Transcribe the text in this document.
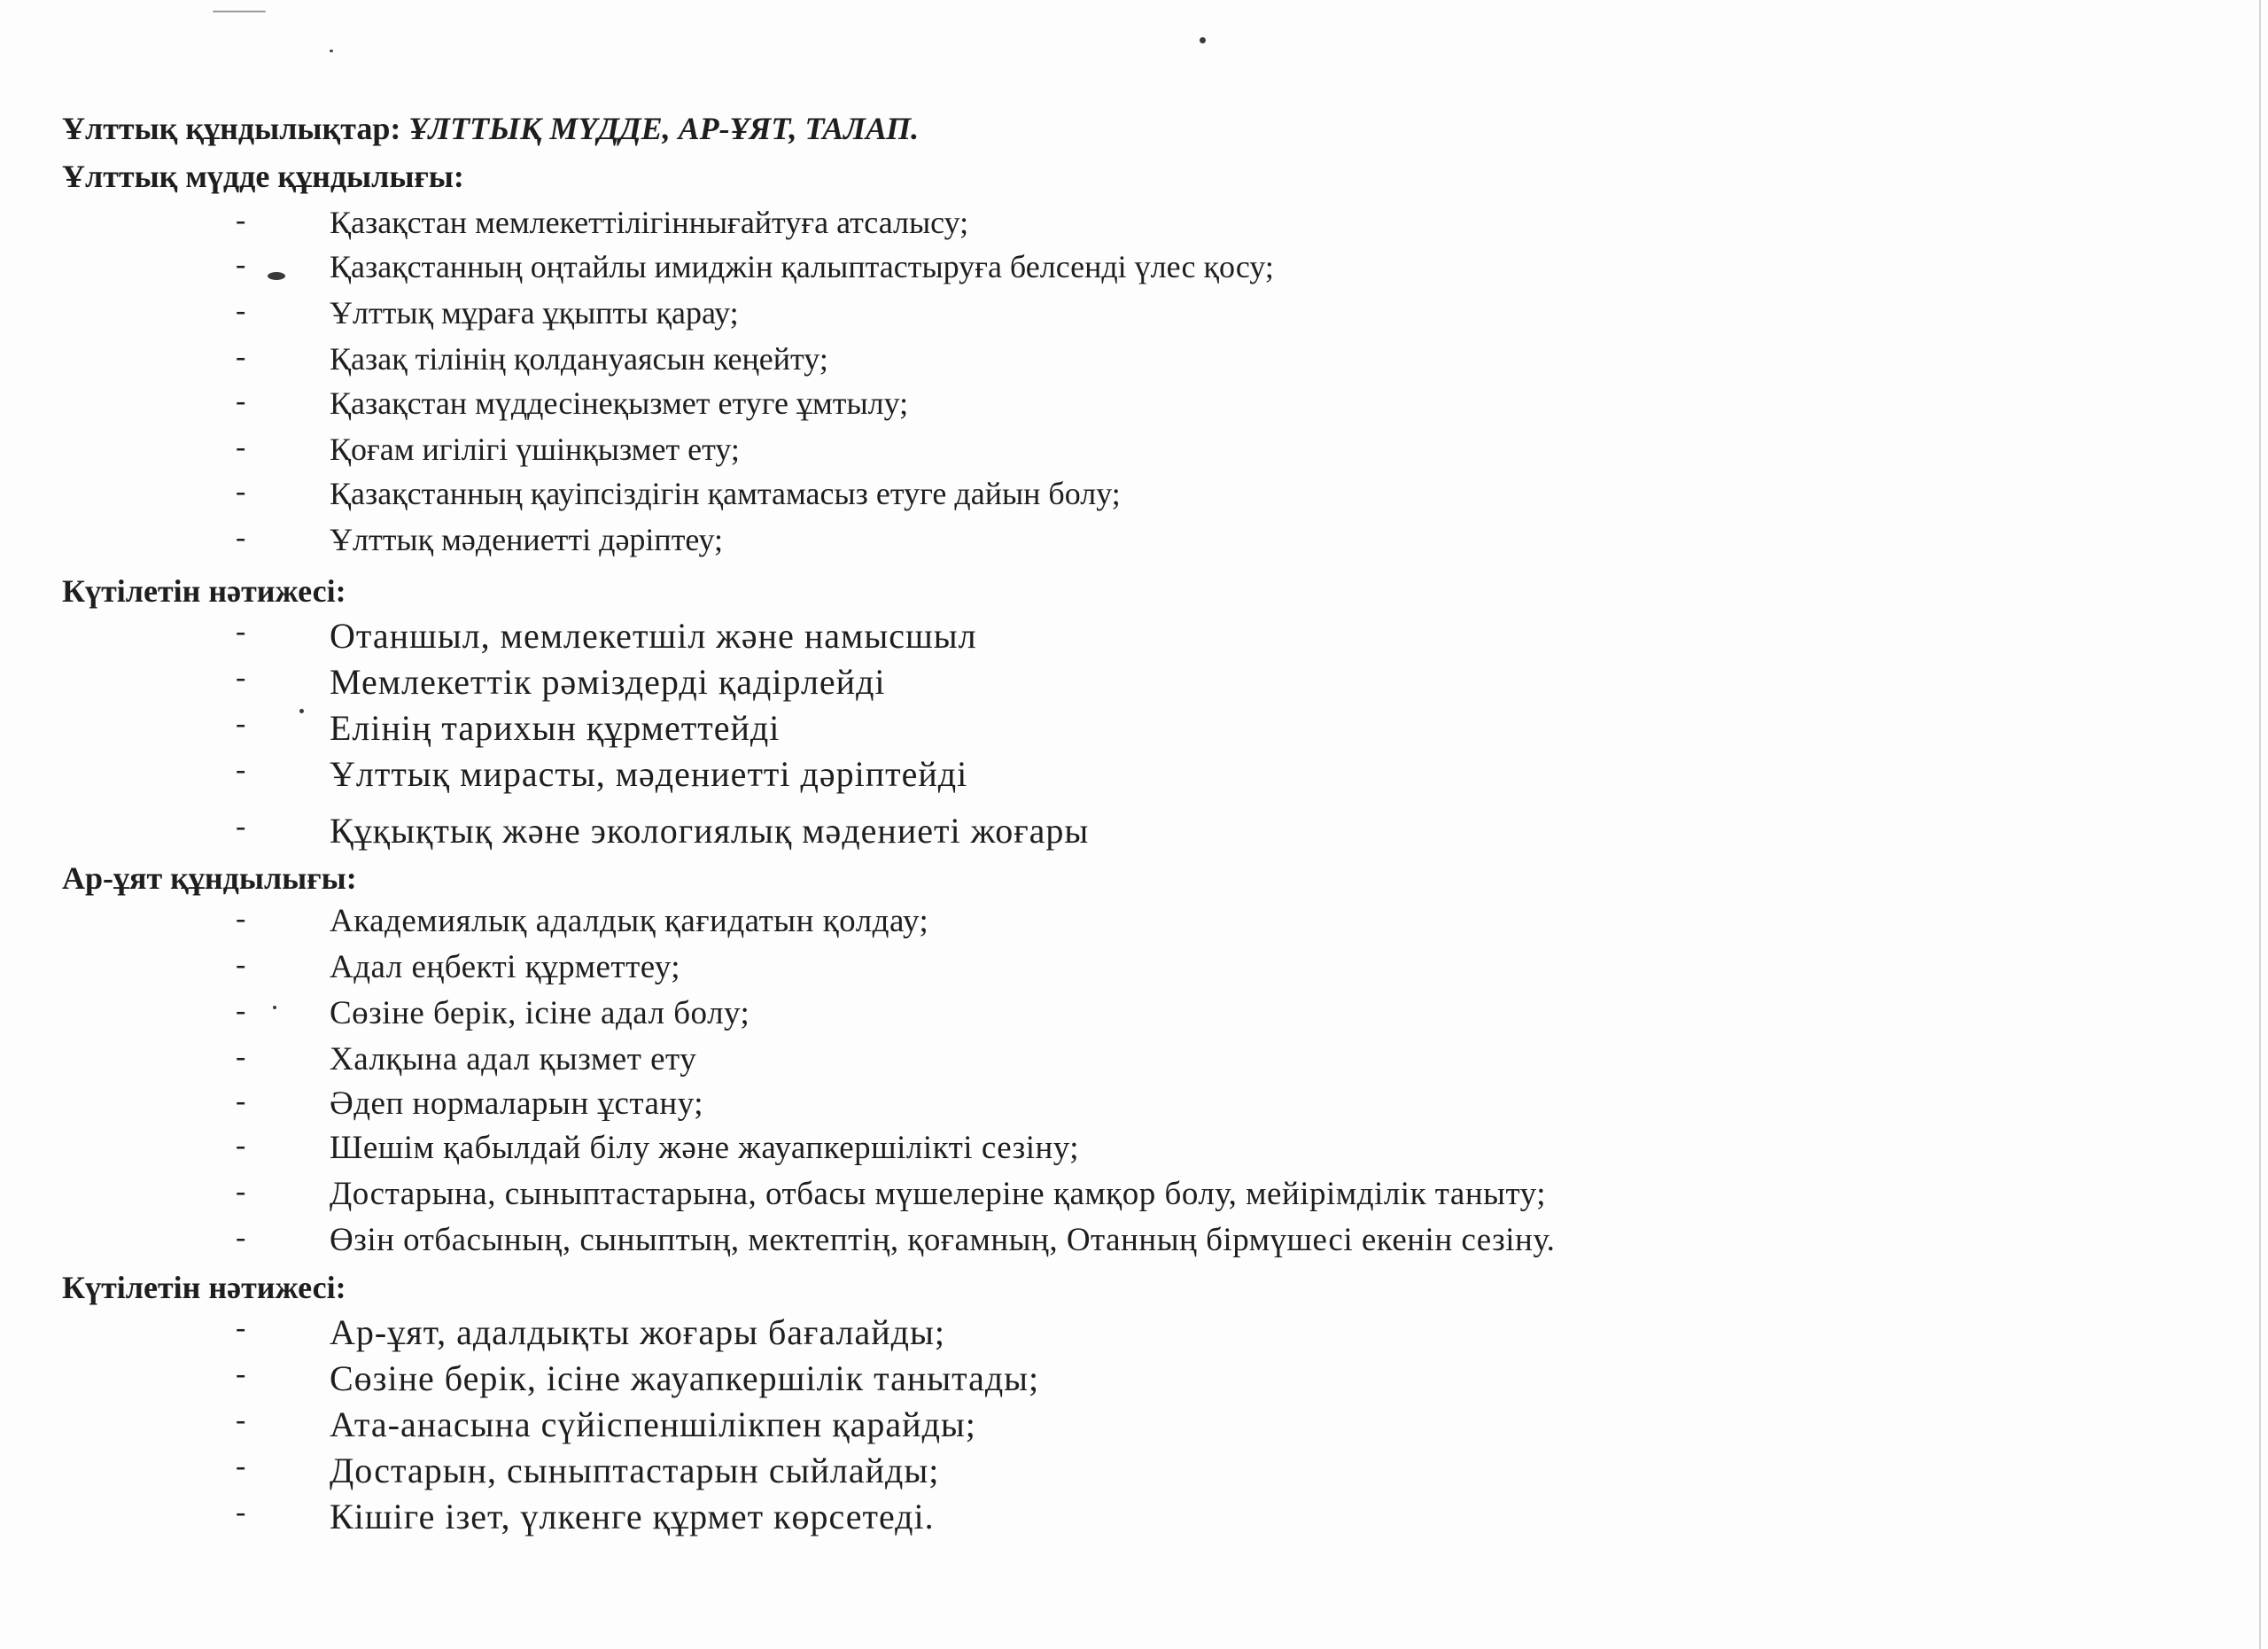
Ұлттық құндылықтар: ҰЛТТЫҚ МҮДДЕ, АР-ҰЯТ, ТАЛАП.
Ұлттық мүдде құндылығы:
-	Қазақстан мемлекеттілігіннығайтуға атсалысу;
-	Қазақстанның оңтайлы имиджін қалыптастыруға белсенді үлес қосу;
-	Ұлттық мұраға ұқыпты қарау;
-	Қазақ тілінің қолдануаясын кеңейту;
-	Қазақстан мүддесінеқызмет етуге ұмтылу;
-	Қоғам игілігі үшінқызмет ету;
-	Қазақстанның қауіпсіздігін қамтамасыз етуге дайын болу;
-	Ұлттық мәдениетті дәріптеу;
Күтілетін нәтижесі:
- Отаншыл, мемлекетшіл және намысшыл
- Мемлекеттік рәміздерді қадірлейді
- Елінің тарихын құрметтейді
- Ұлттық мирасты, мәдениетті дәріптейді
- Құқықтық және экологиялық мәдениеті жоғары
Ар-ұят құндылығы:
-	Академиялық адалдық қағидатын қолдау;
-	Адал еңбекті құрметтеу;
-	Сөзіне берік, ісіне адал болу;
-	Халқына адал қызмет ету
-	Әдеп нормаларын ұстану;
-	Шешім қабылдай білу және жауапкершілікті сезіну;
-	Достарына, сыныптастарына, отбасы мүшелеріне қамқор болу, мейірімділік таныту;
-	Өзін отбасының, сыныптың, мектептің, қоғамның, Отанның бірмүшесі екенін сезіну.
Күтілетін нәтижесі:
- Ар-ұят, адалдықты жоғары бағалайды;
- Сөзіне берік, ісіне жауапкершілік танытады;
- Ата-анасына сүйіспеншілікпен қарайды;
- Достарын, сыныптастарын сыйлайды;
- Кішіге ізет, үлкенге құрмет көрсетеді.
